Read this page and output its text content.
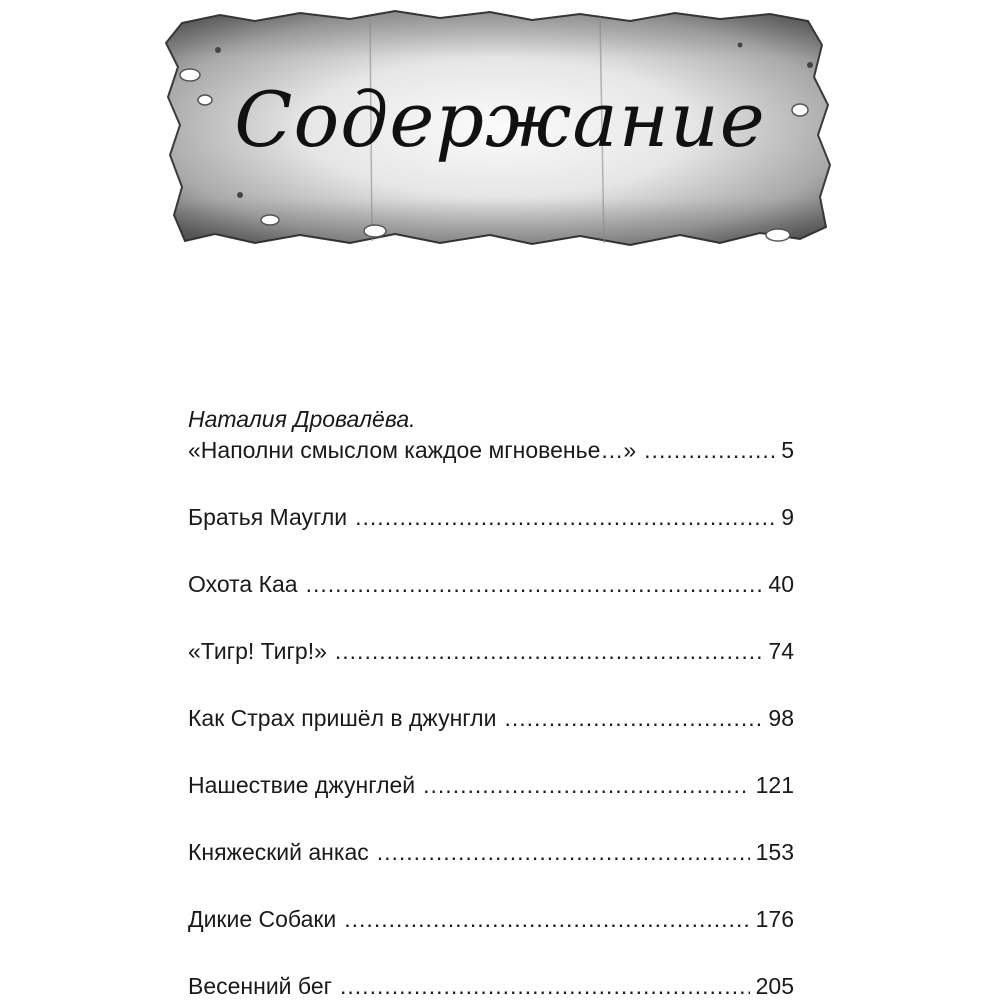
Содержание
Наталия Дровалёва.
«Наполни смыслом каждое мгновенье…» .....	5
Братья Маугли .....	9
Охота Каа .....	40
«Тигр! Тигр!» .....	74
Как Страх пришёл в джунгли .....	98
Нашествие джунглей .....	121
Княжеский анкас .....	153
Дикие Собаки .....	176
Весенний бег .....	205
